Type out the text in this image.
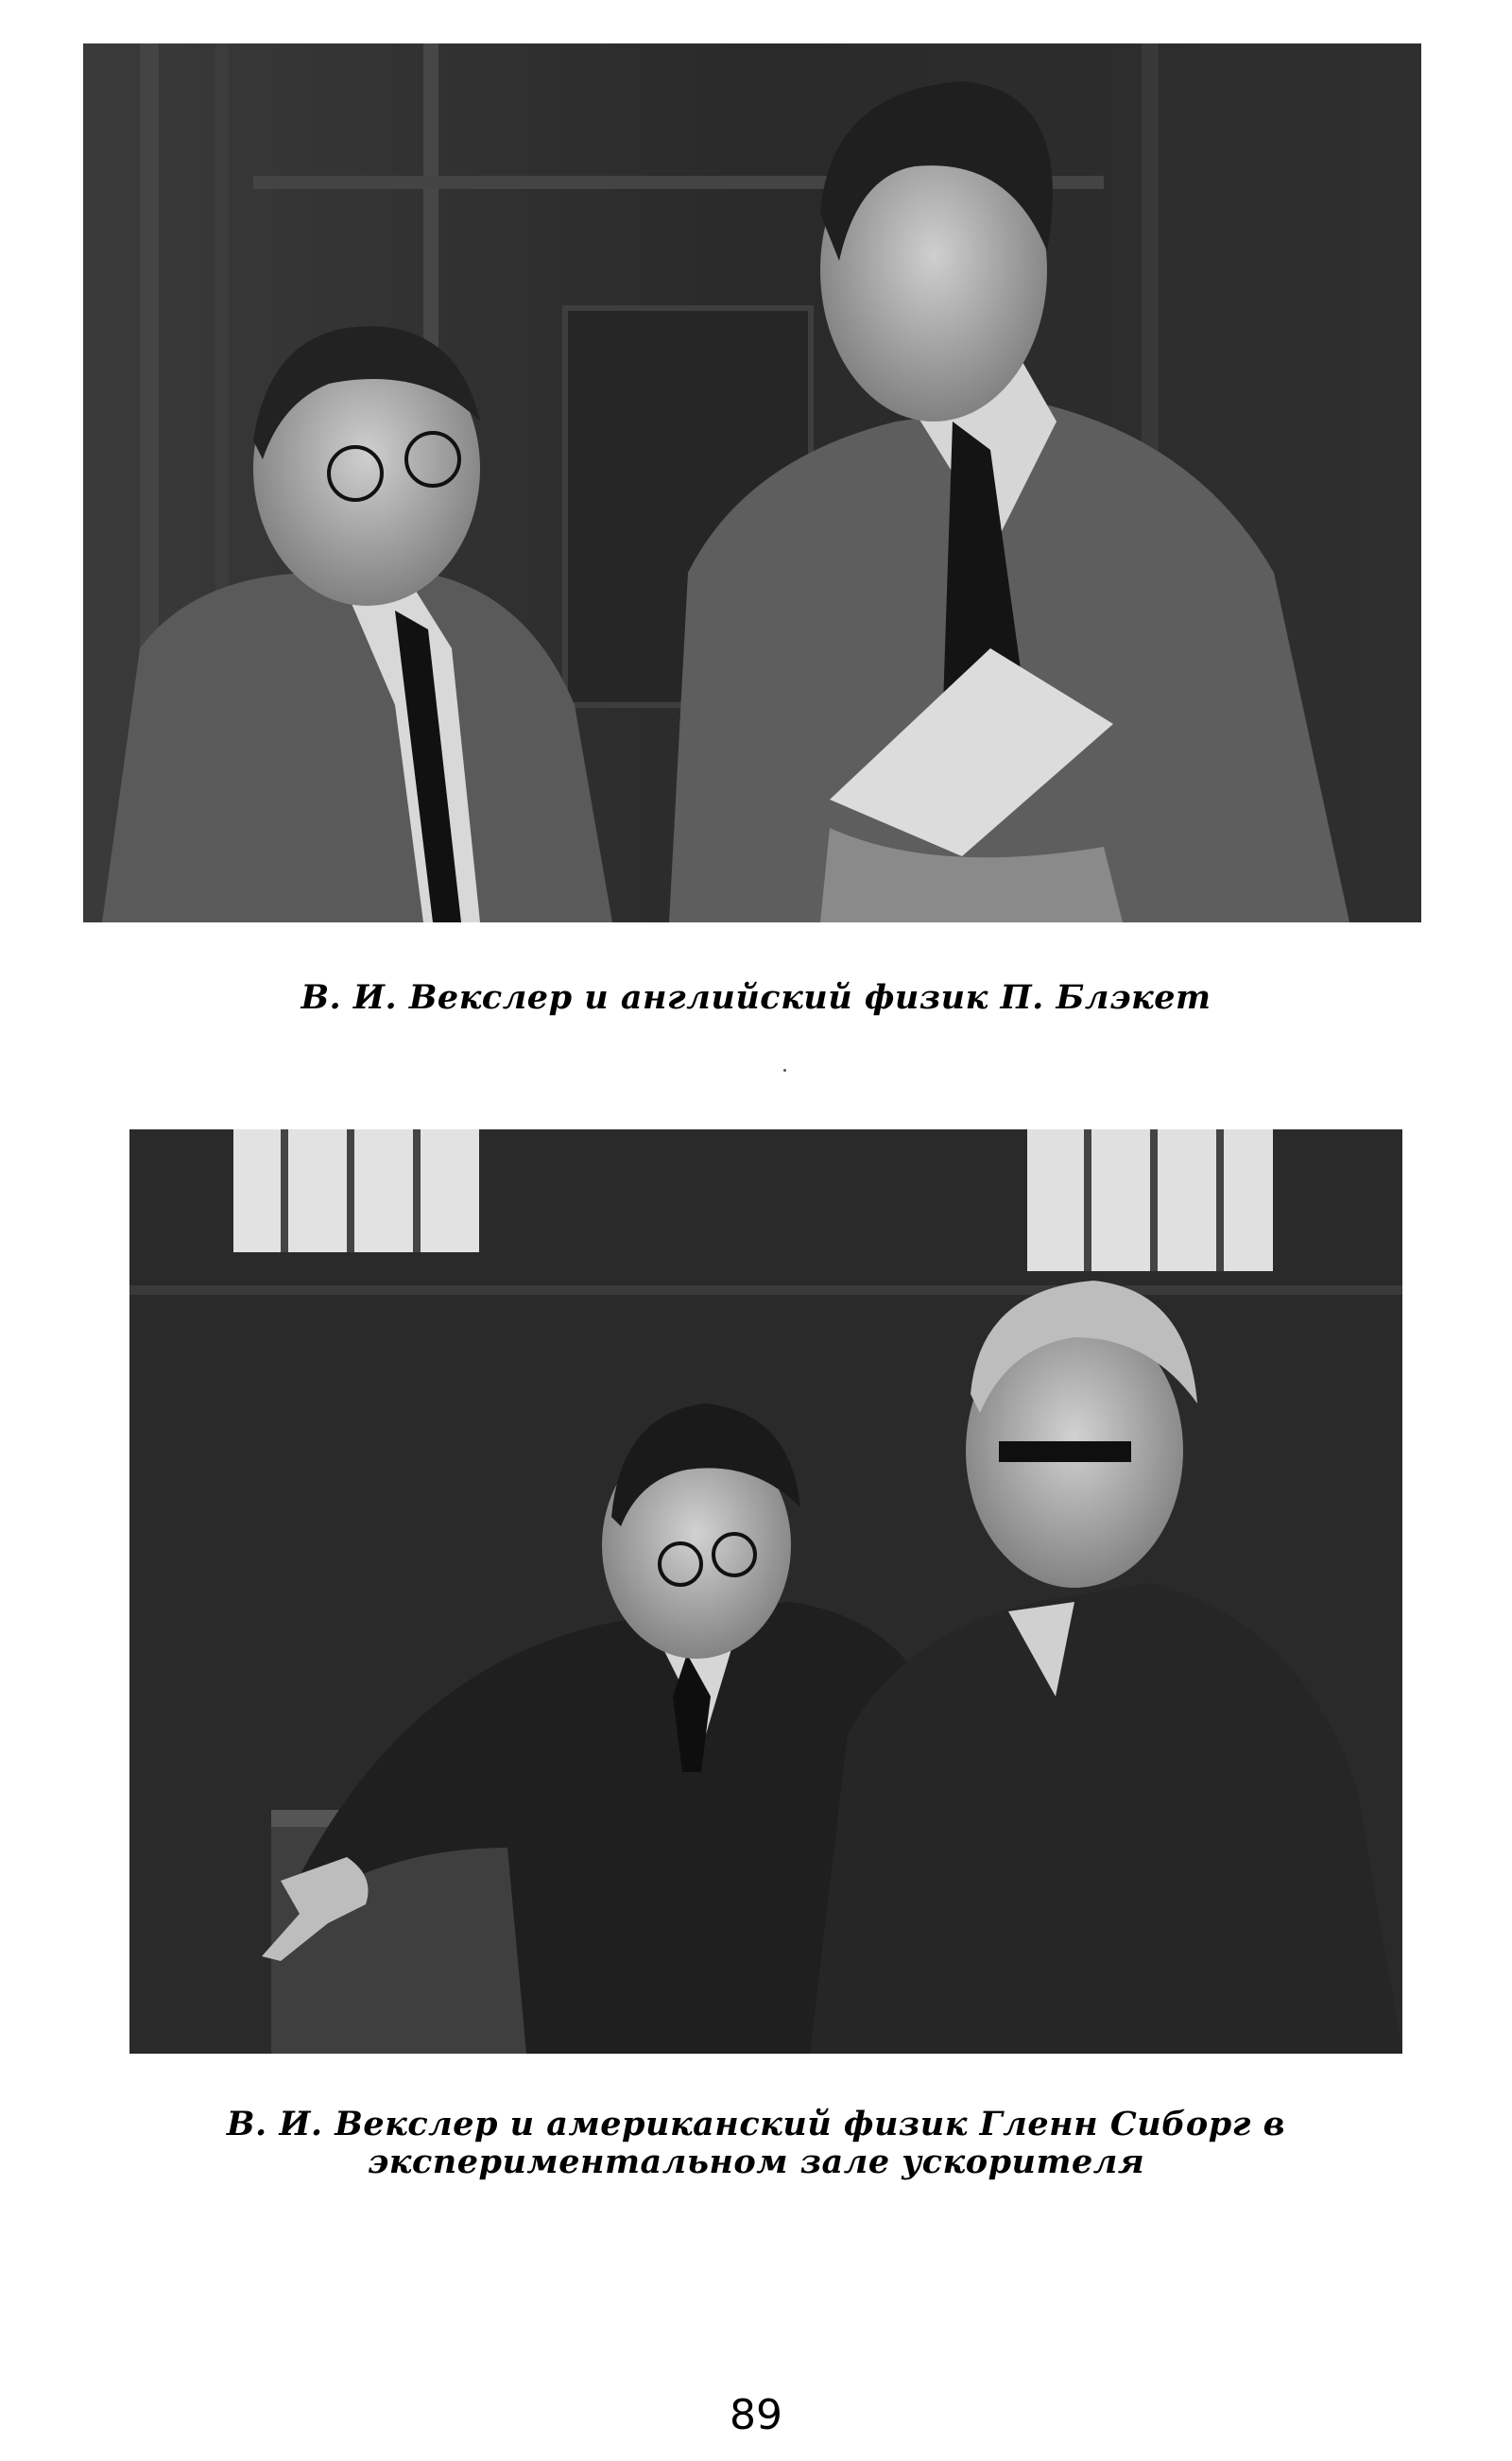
В. И. Векслер и английский физик П. Блэкет
В. И. Векслер и американский физик Гленн Сиборг в экспериментальном зале ускорителя
89
